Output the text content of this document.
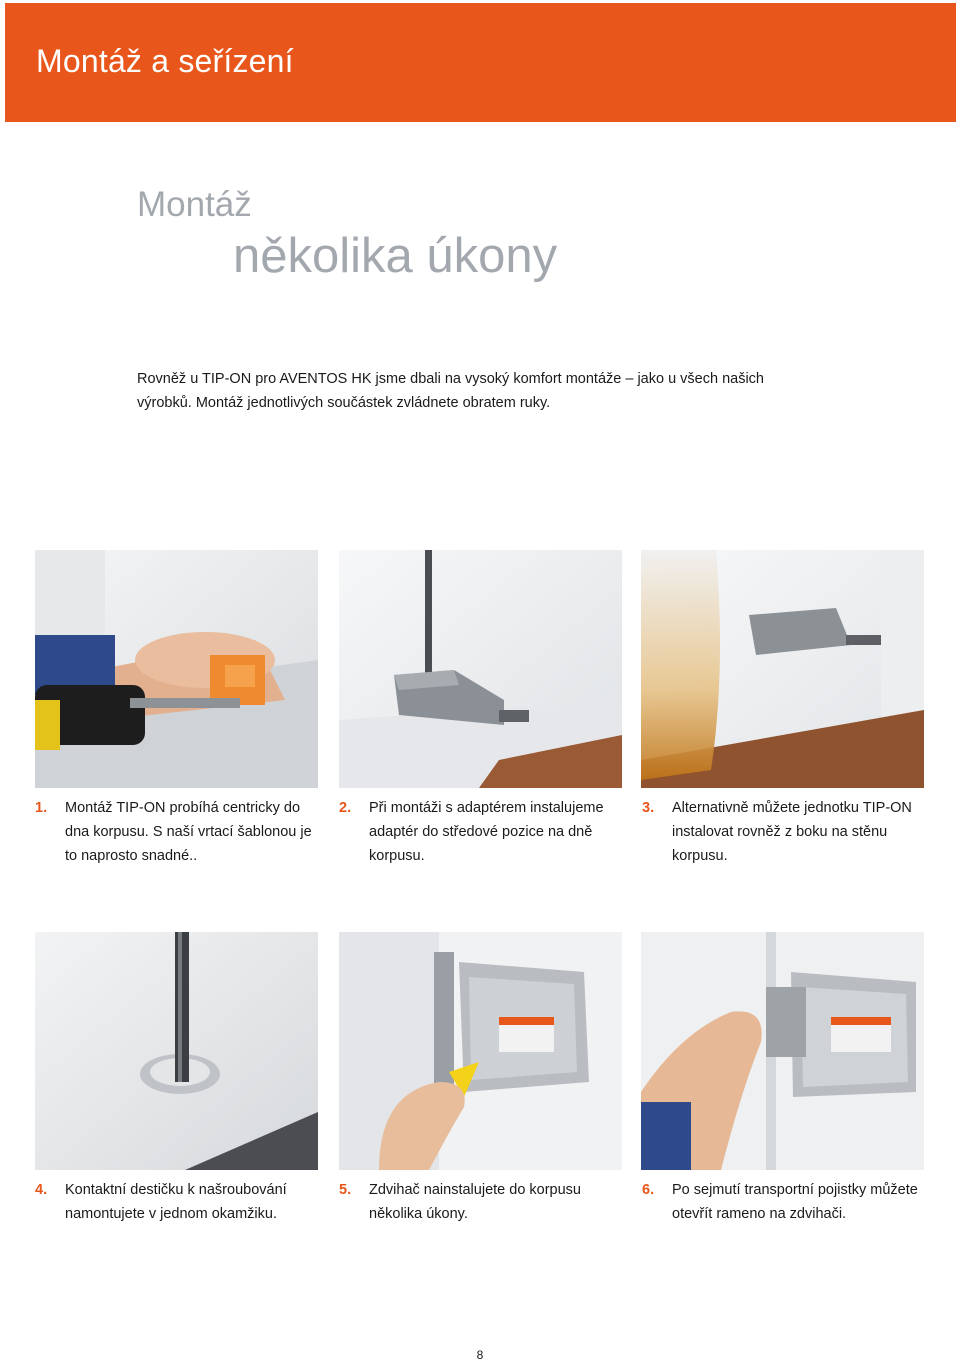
Montáž a seřízení
Montáž
několika úkony

Rovněž u TIP-ON pro AVENTOS HK jsme dbali na vysoký komfort montáže – jako u všech našich výrobků. Montáž jednotlivých součástek zvládnete obratem ruky.

1. Montáž TIP-ON probíhá centricky do dna korpusu. S naší vrtací šablonou je to naprosto snadné..
2. Při montáži s adaptérem instalujeme adaptér do středové pozice na dně korpusu.
3. Alternativně můžete jednotku TIP-ON instalovat rovněž z boku na stěnu korpusu.
4. Kontaktní destičku k našroubování namontujete v jednom okamžiku.
5. Zdvihač nainstalujete do korpusu několika úkony.
6. Po sejmutí transportní pojistky můžete otevřít rameno na zdvihači.
8
